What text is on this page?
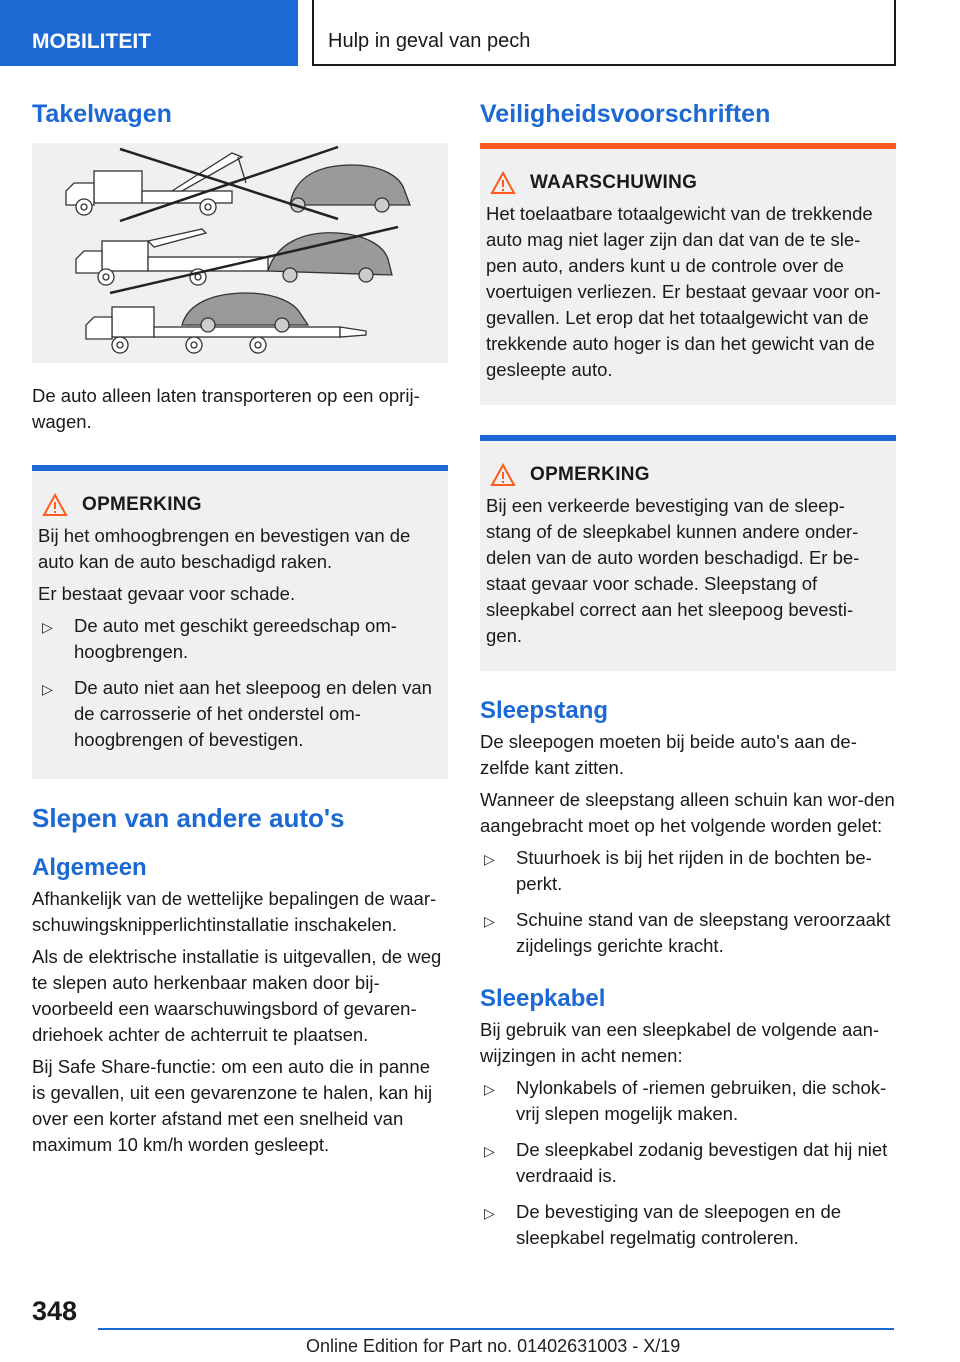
MOBILITEIT	Hulp in geval van pech
Takelwagen

De auto alleen laten transporteren op een oprij-wagen.

OPMERKING

Bij het omhoogbrengen en bevestigen van de auto kan de auto beschadigd raken.

Er bestaat gevaar voor schade.

▷ De auto met geschikt gereedschap om-hoogbrengen.
▷ De auto niet aan het sleepoog en delen van de carrosserie of het onderstel om-hoogbrengen of bevestigen.
Slepen van andere auto's
Algemeen

Afhankelijk van de wettelijke bepalingen de waar-schuwingsknipperlichtinstallatie inschakelen.

Als de elektrische installatie is uitgevallen, de weg te slepen auto herkenbaar maken door bij-voorbeeld een waarschuwingsbord of gevaren-driehoek achter de achterruit te plaatsen.

Bij Safe Share-functie: om een auto die in panne is gevallen, uit een gevarenzone te halen, kan hij over een korter afstand met een snelheid van maximum 10 km/h worden gesleept.

Veiligheidsvoorschriften
WAARSCHUWING

Het toelaatbare totaalgewicht van de trekkende auto mag niet lager zijn dan dat van de te sle-pen auto, anders kunt u de controle over de voertuigen verliezen. Er bestaat gevaar voor on-gevallen. Let erop dat het totaalgewicht van de trekkende auto hoger is dan het gewicht van de gesleepte auto.

OPMERKING

Bij een verkeerde bevestiging van de sleep-stang of de sleepkabel kunnen andere onder-delen van de auto worden beschadigd. Er be-staat gevaar voor schade. Sleepstang of sleepkabel correct aan het sleepoog bevesti-gen.

Sleepstang

De sleepogen moeten bij beide auto's aan de-zelfde kant zitten.

Wanneer de sleepstang alleen schuin kan wor-den aangebracht moet op het volgende worden gelet:

▷ Stuurhoek is bij het rijden in de bochten be-perkt.
▷ Schuine stand van de sleepstang veroorzaakt zijdelings gerichte kracht.
Sleepkabel

Bij gebruik van een sleepkabel de volgende aan-wijzingen in acht nemen:

▷ Nylonkabels of -riemen gebruiken, die schok-vrij slepen mogelijk maken.
▷ De sleepkabel zodanig bevestigen dat hij niet verdraaid is.
▷ De bevestiging van de sleepogen en de sleepkabel regelmatig controleren.
348
Online Edition for Part no. 01402631003 - X/19
